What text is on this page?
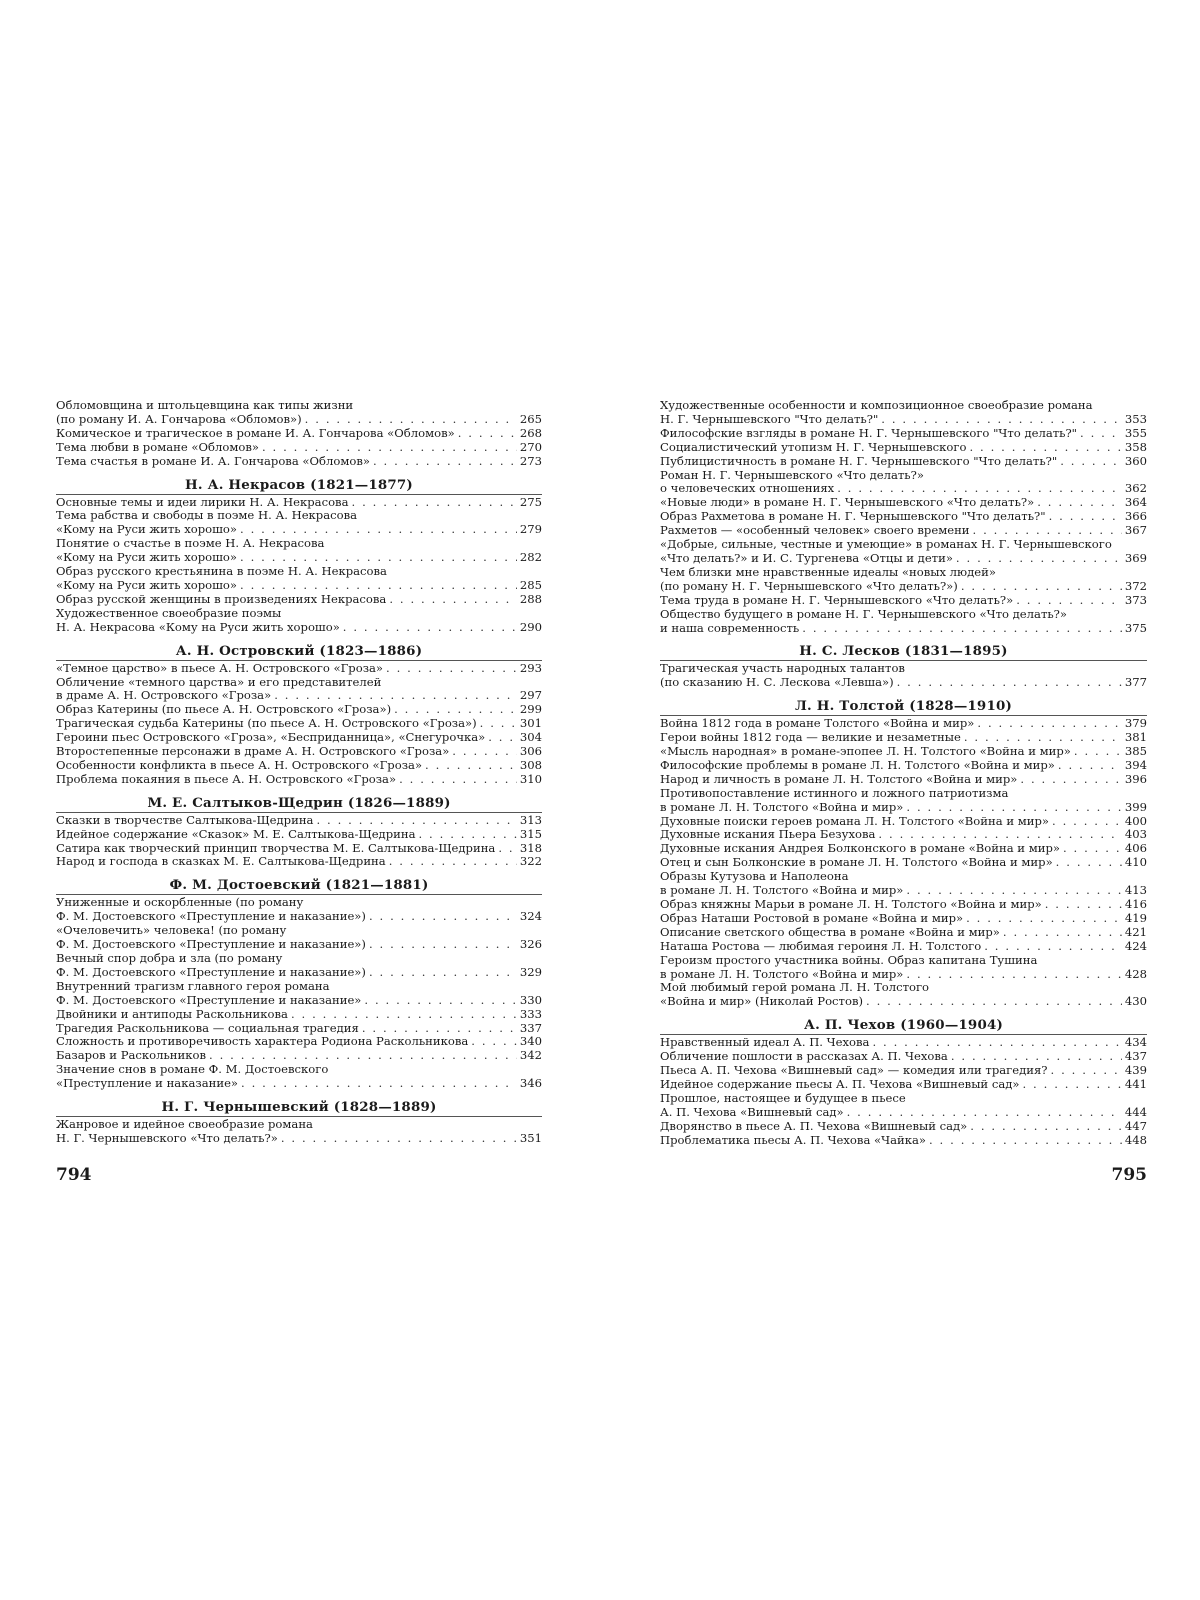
Обломовщина и штольцевщина как типы жизни
(по роману И. А. Гончарова «Обломов») . . .	265
Комическое и трагическое в романе И. А. Гончарова «Обломов» . . .	268
Тема любви в романе «Обломов» . . .	270
Тема счастья в романе И. А. Гончарова «Обломов» . . .	273
Н. А. Некрасов (1821—1877)
Основные темы и идеи лирики Н. А. Некрасова . . .	275
Тема рабства и свободы в поэме Н. А. Некрасова
«Кому на Руси жить хорошо» . . .	279
Понятие о счастье в поэме Н. А. Некрасова
«Кому на Руси жить хорошо» . . .	282
Образ русского крестьянина в поэме Н. А. Некрасова
«Кому на Руси жить хорошо» . . .	285
Образ русской женщины в произведениях Некрасова . . .	288
Художественное своеобразие поэмы
Н. А. Некрасова «Кому на Руси жить хорошо» . . .	290
А. Н. Островский (1823—1886)
«Темное царство» в пьесе А. Н. Островского «Гроза» . . .	293
Обличение «темного царства» и его представителей
в драме А. Н. Островского «Гроза» . . .	297
Образ Катерины (по пьесе А. Н. Островского «Гроза») . . .	299
Трагическая судьба Катерины (по пьесе А. Н. Островского «Гроза») . . .	301
Героини пьес Островского «Гроза», «Бесприданница», «Снегурочка» . . .	304
Второстепенные персонажи в драме А. Н. Островского «Гроза» . . .	306
Особенности конфликта в пьесе А. Н. Островского «Гроза» . . .	308
Проблема покаяния в пьесе А. Н. Островского «Гроза» . . .	310
М. Е. Салтыков-Щедрин (1826—1889)
Сказки в творчестве Салтыкова-Щедрина . . .	313
Идейное содержание «Сказок» М. Е. Салтыкова-Щедрина . . .	315
Сатира как творческий принцип творчества М. Е. Салтыкова-Щедрина . . . 318
Народ и господа в сказках М. Е. Салтыкова-Щедрина . . .	322
Ф. М. Достоевский (1821—1881)
Униженные и оскорбленные (по роману
Ф. М. Достоевского «Преступление и наказание») . . .	324
«Очеловечить» человека! (по роману
Ф. М. Достоевского «Преступление и наказание») . . .	326
Вечный спор добра и зла (по роману
Ф. М. Достоевского «Преступление и наказание») . . .	329
Внутренний трагизм главного героя романа
Ф. М. Достоевского «Преступление и наказание» . . .	330
Двойники и антиподы Раскольникова . . .	333
Трагедия Раскольникова — социальная трагедия . . .	337
Сложность и противоречивость характера Родиона Раскольникова . . .	340
Базаров и Раскольников . . .	342
Значение снов в романе Ф. М. Достоевского
«Преступление и наказание» . . .	346
Н. Г. Чернышевский (1828—1889)
Жанровое и идейное своеобразие романа
Н. Г. Чернышевского «Что делать?» . . .	351
794
Художественные особенности и композиционное своеобразие романа
Н. Г. Чернышевского "Что делать?" . . .	353
Философские взгляды в романе Н. Г. Чернышевского "Что делать?" . . .	355
Социалистический утопизм Н. Г. Чернышевского . . .	358
Публицистичность в романе Н. Г. Чернышевского "Что делать?" . . .	360
Роман Н. Г. Чернышевского «Что делать?»
о человеческих отношениях . . .	362
«Новые люди» в романе Н. Г. Чернышевского «Что делать?» . . .	364
Образ Рахметова в романе Н. Г. Чернышевского "Что делать?" . . .	366
Рахметов — «особенный человек» своего времени . . .	367
«Добрые, сильные, честные и умеющие» в романах Н. Г. Чернышевского
«Что делать?» и И. С. Тургенева «Отцы и дети» . . .	369
Чем близки мне нравственные идеалы «новых людей»
(по роману Н. Г. Чернышевского «Что делать?») . . .	372
Тема труда в романе Н. Г. Чернышевского «Что делать?» . . .	373
Общество будущего в романе Н. Г. Чернышевского «Что делать?»
и наша современность . . .	375
Н. С. Лесков (1831—1895)
Трагическая участь народных талантов
(по сказанию Н. С. Лескова «Левша») . . .	377
Л. Н. Толстой (1828—1910)
Война 1812 года в романе Толстого «Война и мир» . . .	379
Герои войны 1812 года — великие и незаметные . . .	381
«Мысль народная» в романе-эпопее Л. Н. Толстого «Война и мир» . . .	385
Философские проблемы в романе Л. Н. Толстого «Война и мир» . . .	394
Народ и личность в романе Л. Н. Толстого «Война и мир» . . .	396
Противопоставление истинного и ложного патриотизма
в романе Л. Н. Толстого «Война и мир» . . .	399
Духовные поиски героев романа Л. Н. Толстого «Война и мир» . . .	400
Духовные искания Пьера Безухова . . .	403
Духовные искания Андрея Болконского в романе «Война и мир» . . .	406
Отец и сын Болконские в романе Л. Н. Толстого «Война и мир» . . .	410
Образы Кутузова и Наполеона
в романе Л. Н. Толстого «Война и мир» . . .	413
Образ княжны Марьи в романе Л. Н. Толстого «Война и мир» . . .	416
Образ Наташи Ростовой в романе «Война и мир» . . .	419
Описание светского общества в романе «Война и мир» . . .	421
Наташа Ростова — любимая героиня Л. Н. Толстого . . .	424
Героизм простого участника войны. Образ капитана Тушина
в романе Л. Н. Толстого «Война и мир» . . .	428
Мой любимый герой романа Л. Н. Толстого
«Война и мир» (Николай Ростов) . . .	430
А. П. Чехов (1960—1904)
Нравственный идеал А. П. Чехова . . .	434
Обличение пошлости в рассказах А. П. Чехова . . .	437
Пьеса А. П. Чехова «Вишневый сад» — комедия или трагедия? . . .	439
Идейное содержание пьесы А. П. Чехова «Вишневый сад» . . .	441
Прошлое, настоящее и будущее в пьесе
А. П. Чехова «Вишневый сад» . . .	444
Дворянство в пьесе А. П. Чехова «Вишневый сад» . . .	447
Проблематика пьесы А. П. Чехова «Чайка» . . .	448
795
